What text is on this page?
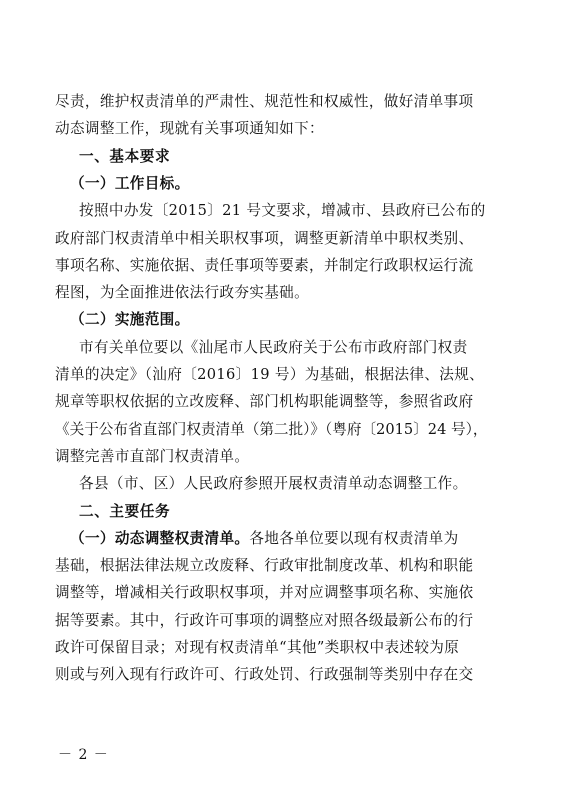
尽责，维护权责清单的严肃性、规范性和权威性，做好清单事项
动态调整工作，现就有关事项通知如下：
一、基本要求
（一）工作目标。
按照中办发〔2015〕21 号文要求，增减市、县政府已公布的
政府部门权责清单中相关职权事项，调整更新清单中职权类别、
事项名称、实施依据、责任事项等要素，并制定行政职权运行流
程图，为全面推进依法行政夯实基础。
（二）实施范围。
市有关单位要以《汕尾市人民政府关于公布市政府部门权责
清单的决定》（汕府〔2016〕19 号）为基础，根据法律、法规、
规章等职权依据的立改废释、部门机构职能调整等，参照省政府
《关于公布省直部门权责清单（第二批）》（粤府〔2015〕24 号），
调整完善市直部门权责清单。
各县（市、区）人民政府参照开展权责清单动态调整工作。
二、主要任务
（一）动态调整权责清单。各地各单位要以现有权责清单为
基础，根据法律法规立改废释、行政审批制度改革、机构和职能
调整等，增减相关行政职权事项，并对应调整事项名称、实施依
－ 2 －
据等要素。其中，行政许可事项的调整应对照各级最新公布的行
政许可保留目录；对现有权责清单“其他”类职权中表述较为原
则或与列入现有行政许可、行政处罚、行政强制等类别中存在交
